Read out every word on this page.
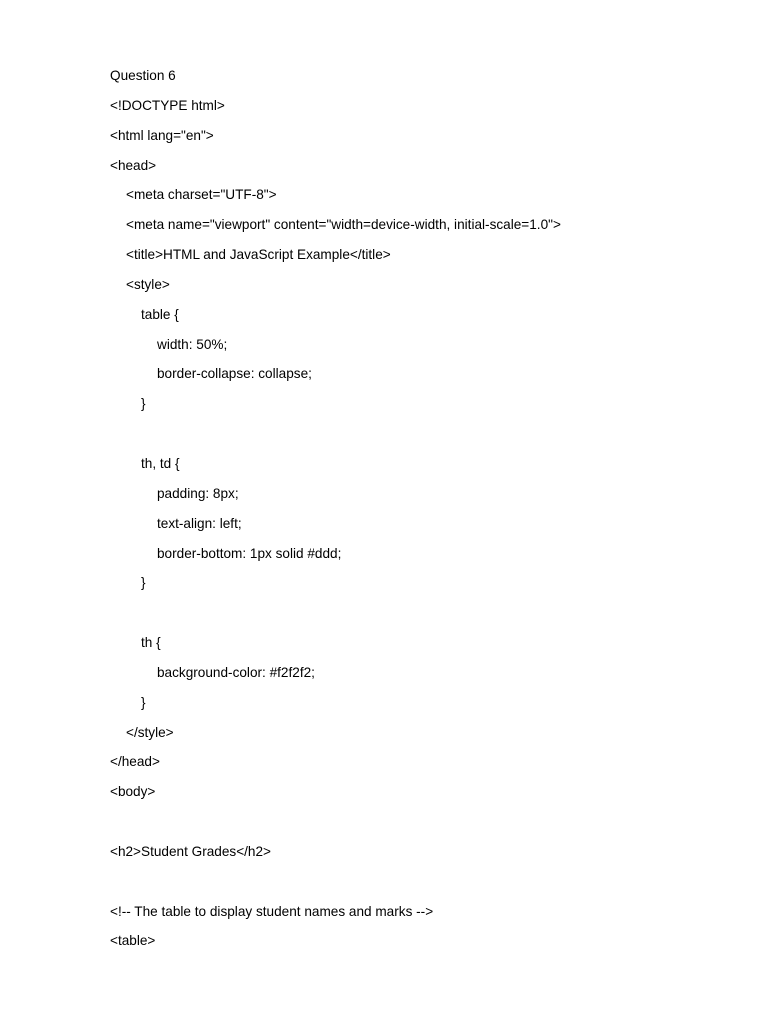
Question 6
<!DOCTYPE html>
<html lang="en">
<head>
<meta charset="UTF-8">
<meta name="viewport" content="width=device-width, initial-scale=1.0">
<title>HTML and JavaScript Example</title>
<style>
table {
width: 50%;
border-collapse: collapse;
}
th, td {
padding: 8px;
text-align: left;
border-bottom: 1px solid #ddd;
}
th {
background-color: #f2f2f2;
}
</style>
</head>
<body>
<h2>Student Grades</h2>
<!-- The table to display student names and marks -->
<table>
